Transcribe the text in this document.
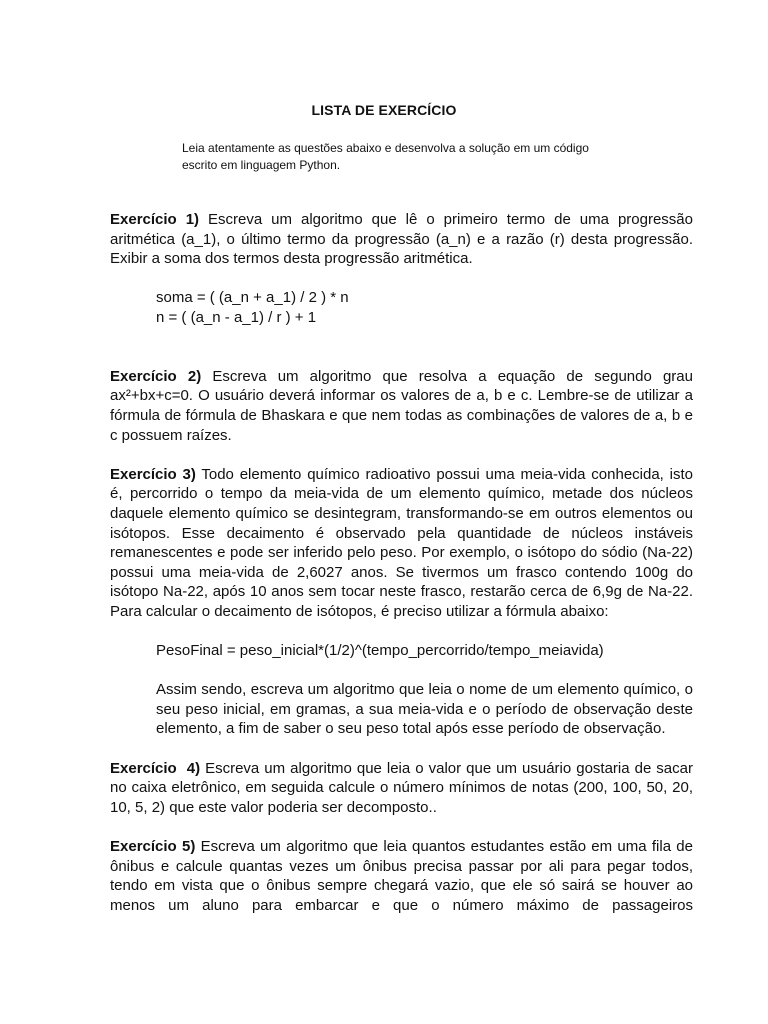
LISTA DE EXERCÍCIO
Leia atentamente as questões abaixo e desenvolva a solução em um código
escrito em linguagem Python.

Exercício 1) Escreva um algoritmo que lê o primeiro termo de uma progressão aritmética (a_1), o último termo da progressão (a_n) e a razão (r) desta progressão. Exibir a soma dos termos desta progressão aritmética.

soma = ( (a_n + a_1) / 2 ) * n
n = ( (a_n - a_1) / r ) + 1

Exercício 2) Escreva um algoritmo que resolva a equação de segundo grau ax²+bx+c=0. O usuário deverá informar os valores de a, b e c. Lembre-se de utilizar a fórmula de fórmula de Bhaskara e que nem todas as combinações de valores de a, b e c possuem raízes.

Exercício 3) Todo elemento químico radioativo possui uma meia-vida conhecida, isto é, percorrido o tempo da meia-vida de um elemento químico, metade dos núcleos daquele elemento químico se desintegram, transformando-se em outros elementos ou isótopos. Esse decaimento é observado pela quantidade de núcleos instáveis remanescentes e pode ser inferido pelo peso. Por exemplo, o isótopo do sódio (Na-22) possui uma meia-vida de 2,6027 anos. Se tivermos um frasco contendo 100g do isótopo Na-22, após 10 anos sem tocar neste frasco, restarão cerca de 6,9g de Na-22. Para calcular o decaimento de isótopos, é preciso utilizar a fórmula abaixo:

PesoFinal = peso_inicial*(1/2)^(tempo_percorrido/tempo_meiavida)

Assim sendo, escreva um algoritmo que leia o nome de um elemento químico, o seu peso inicial, em gramas, a sua meia-vida e o período de observação deste elemento, a fim de saber o seu peso total após esse período de observação.

Exercício  4) Escreva um algoritmo que leia o valor que um usuário gostaria de sacar no caixa eletrônico, em seguida calcule o número mínimos de notas (200, 100, 50, 20, 10, 5, 2) que este valor poderia ser decomposto..

Exercício 5) Escreva um algoritmo que leia quantos estudantes estão em uma fila de ônibus e calcule quantas vezes um ônibus precisa passar por ali para pegar todos, tendo em vista que o ônibus sempre chegará vazio, que ele só sairá se houver ao menos um aluno para embarcar e que o número máximo de passageiros
